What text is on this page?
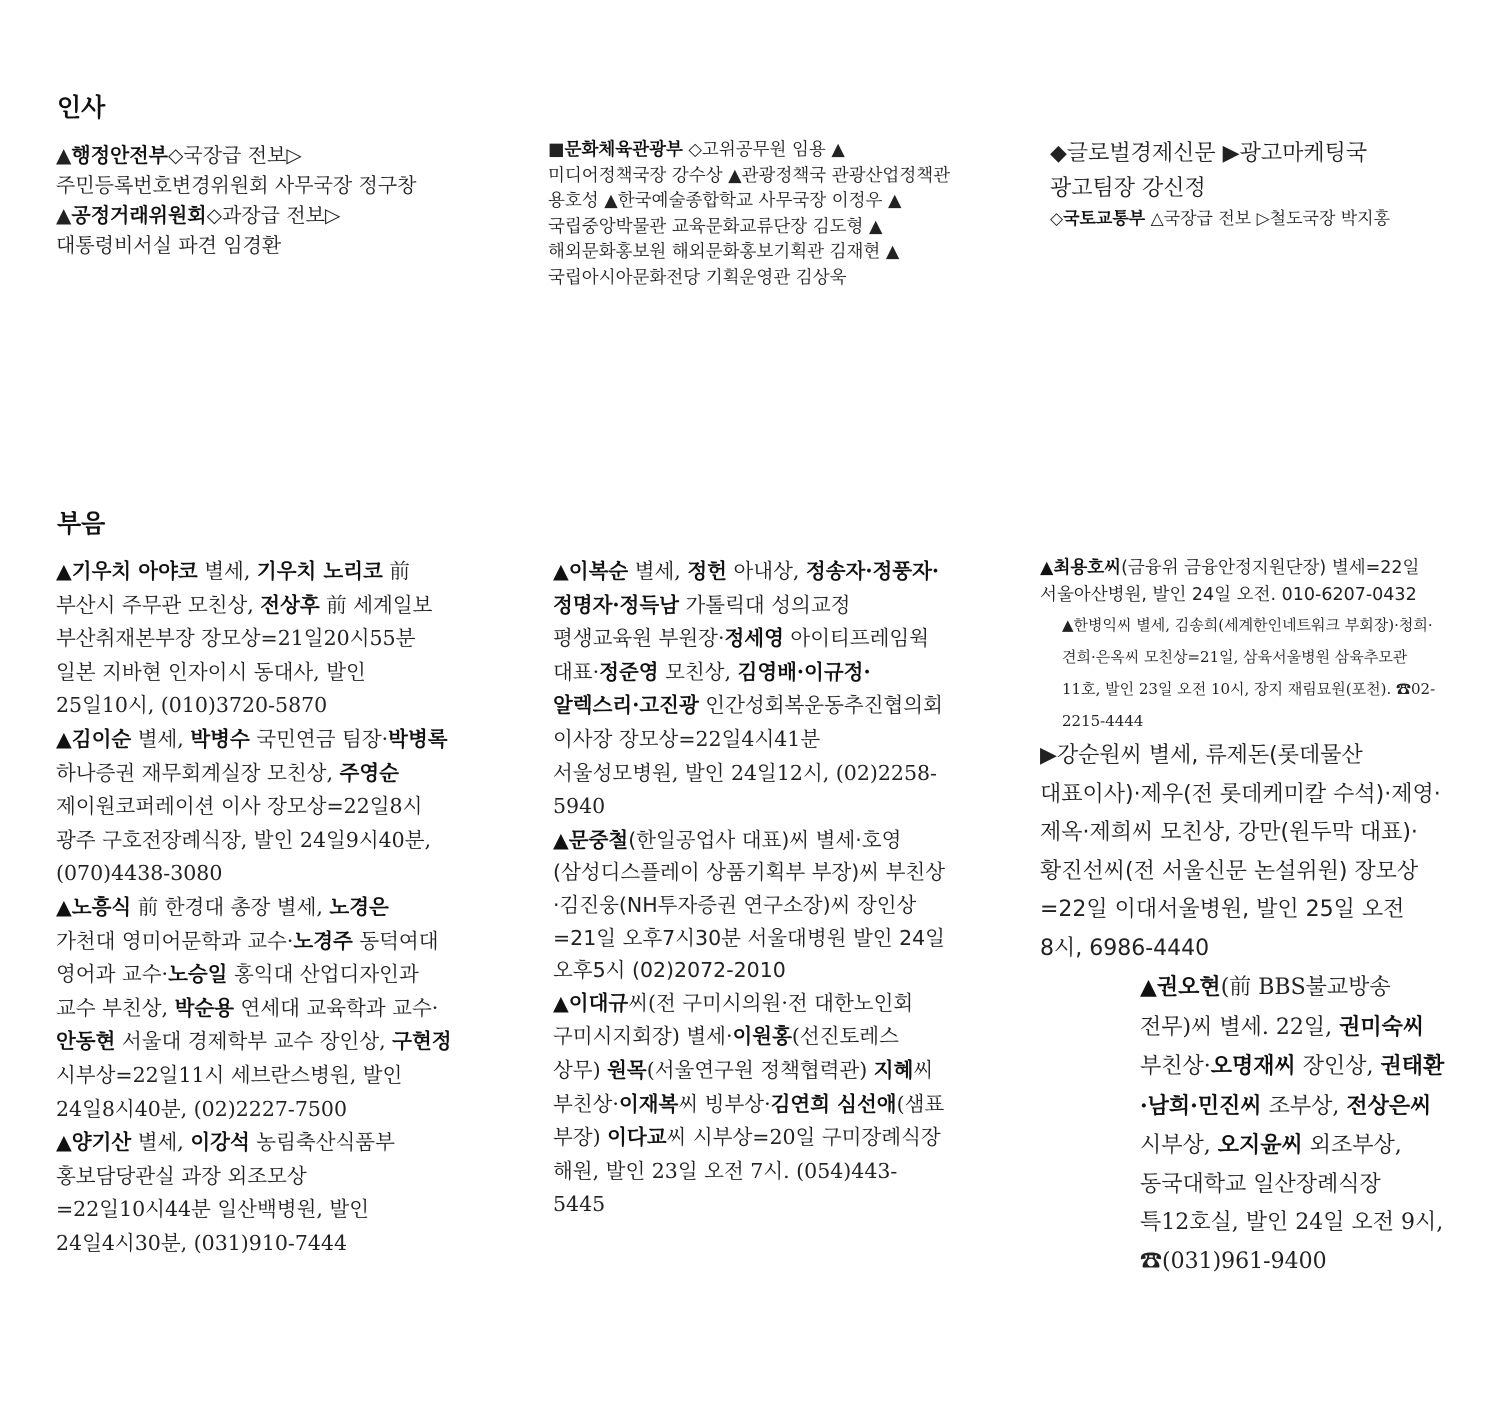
인사
부음

▲행정안전부◇국장급 전보▷주민등록번호변경위원회 사무국장 정구창

▲공정거래위원회◇과장급 전보▷대통령비서실 파견 임경환

■문화체육관광부 ◇고위공무원 임용 ▲미디어정책국장 강수상 ▲관광정책국 관광산업정책관 용호성 ▲한국예술종합학교 사무국장 이정우 ▲국립중앙박물관 교육문화교류단장 김도형 ▲해외문화홍보원 해외문화홍보기획관 김재현 ▲국립아시아문화전당 기획운영관 김상욱

◆글로벌경제신문 ▶광고마케팅국 광고팀장 강신정

◇국토교통부 △국장급 전보 ▷철도국장 박지홍

▲기우치 아야코 별세, 기우치 노리코 前 부산시 주무관 모친상, 전상후 前 세계일보 부산취재본부장 장모상=21일20시55분 일본 지바현 인자이시 동대사, 발인 25일10시, (010)3720-5870

▲김이순 별세, 박병수 국민연금 팀장·박병록 하나증권 재무회계실장 모친상, 주영순 제이원코퍼레이션 이사 장모상=22일8시 광주 구호전장례식장, 발인 24일9시40분, (070)4438-3080

▲노흥식 前 한경대 총장 별세, 노경은 가천대 영미어문학과 교수·노경주 동덕여대 영어과 교수·노승일 홍익대 산업디자인과 교수 부친상, 박순용 연세대 교육학과 교수·안동현 서울대 경제학부 교수 장인상, 구현정 시부상=22일11시 세브란스병원, 발인 24일8시40분, (02)2227-7500

▲양기산 별세, 이강석 농림축산식품부 홍보담당관실 과장 외조모상=22일10시44분 일산백병원, 발인 24일4시30분, (031)910-7444

▲이복순 별세, 정헌 아내상, 정송자·정풍자·정명자·정득남 가톨릭대 성의교정 평생교육원 부원장·정세영 아이티프레임웍 대표·정준영 모친상, 김영배·이규정·알렉스리·고진광 인간성회복운동추진협의회 이사장 장모상=22일4시41분 서울성모병원, 발인 24일12시, (02)2258-5940

▲문중철(한일공업사 대표)씨 별세·호영(삼성디스플레이 상품기획부 부장)씨 부친상·김진웅(NH투자증권 연구소장)씨 장인상=21일 오후7시30분 서울대병원 발인 24일 오후5시 (02)2072-2010

▲이대규씨(전 구미시의원·전 대한노인회 구미시지회장) 별세·이원홍(선진토레스 상무) 원목(서울연구원 정책협력관) 지혜씨 부친상·이재복씨 빙부상·김연희 심선애(샘표 부장) 이다교씨 시부상=20일 구미장례식장 해원, 발인 23일 오전 7시. (054)443-5445

▲최용호씨(금융위 금융안정지원단장) 별세=22일 서울아산병원, 발인 24일 오전. 010-6207-0432

▲한병익씨 별세, 김송희(세계한인네트워크 부회장)·청희·견희·은옥씨 모친상=21일, 삼육서울병원 삼육추모관 11호, 발인 23일 오전 10시, 장지 재림묘원(포천). ☎02-2215-4444

▶강순원씨 별세, 류제돈(롯데물산 대표이사)·제우(전 롯데케미칼 수석)·제영·제옥·제희씨 모친상, 강만(원두막 대표)·황진선씨(전 서울신문 논설위원) 장모상=22일 이대서울병원, 발인 25일 오전 8시, 6986-4440

▲권오현(前 BBS불교방송 전무)씨 별세. 22일, 권미숙씨 부친상·오명재씨 장인상, 권태환·남희·민진씨 조부상, 전상은씨 시부상, 오지윤씨 외조부상, 동국대학교 일산장례식장 특12호실, 발인 24일 오전 9시, ☎(031)961-9400
